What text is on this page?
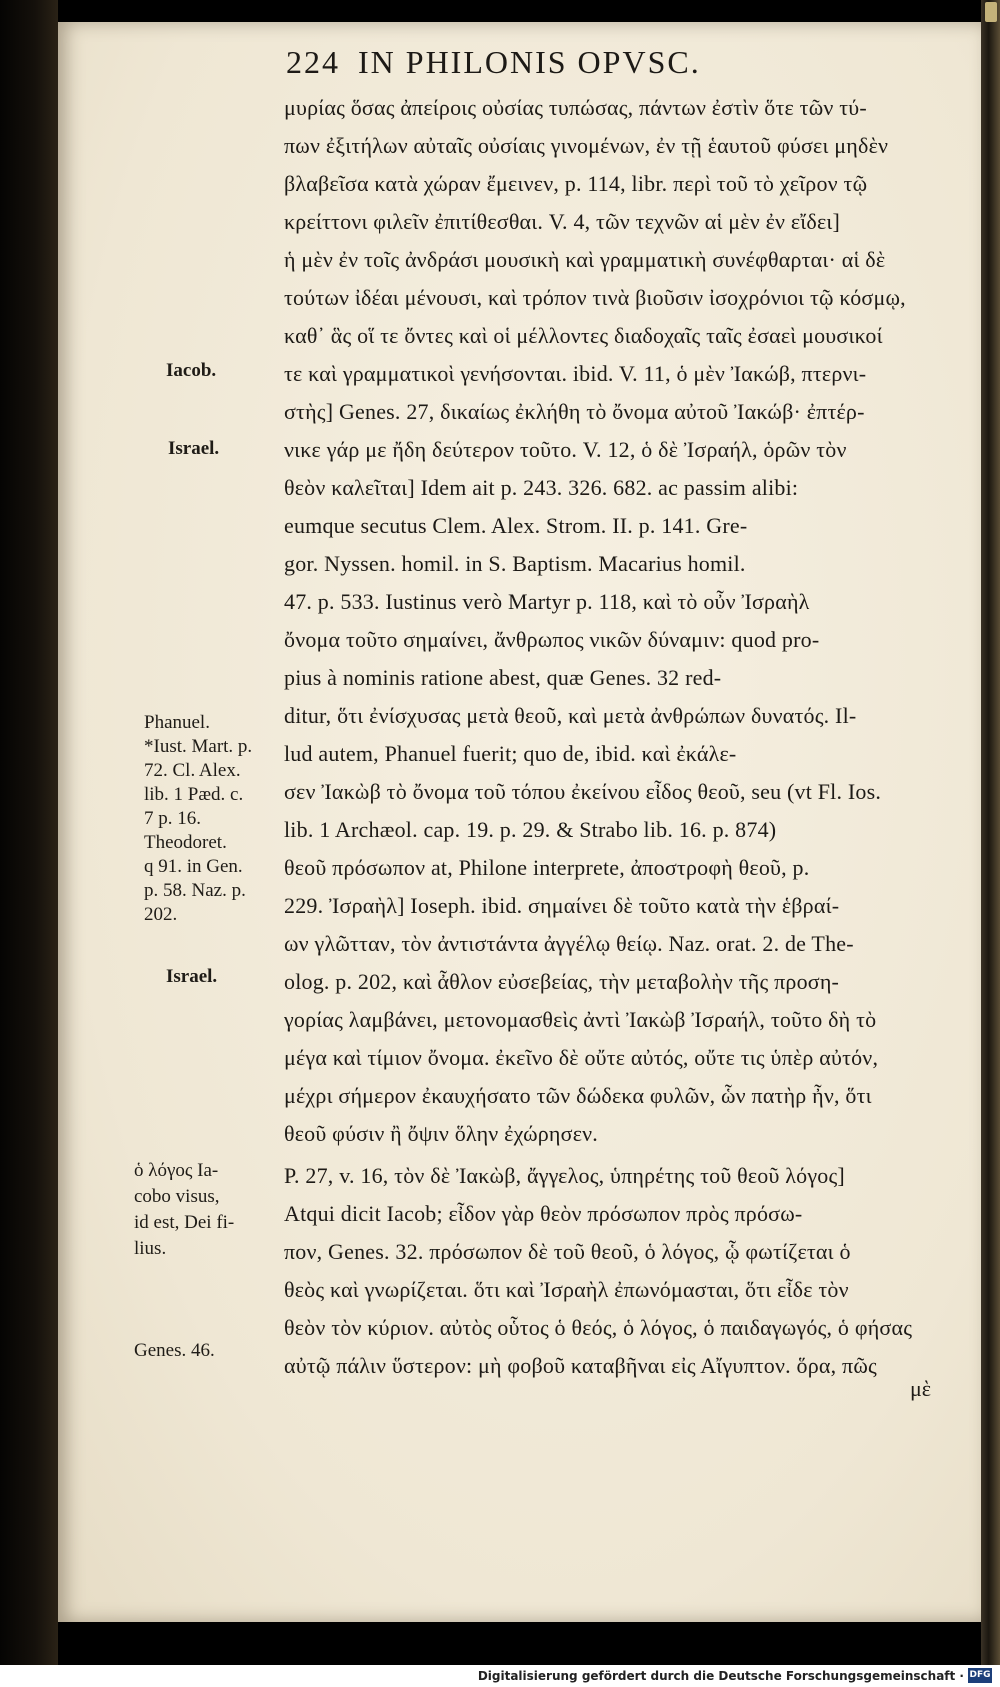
224 IN PHILONIS OPVSC.
μυρίας ὅσας ἀπείροις οὐσίας τυπώσας, πάντων ἐστὶν ὅτε τῶν τύ-
πων ἐξιτήλων αὐταῖς οὐσίαις γινομένων, ἐν τῇ ἑαυτοῦ φύσει μηδὲν
βλαβεῖσα κατὰ χώραν ἔμεινεν, p. 114, libr. περὶ τοῦ τὸ χεῖρον τῷ
κρείττονι φιλεῖν ἐπιτίθεσθαι. V. 4, τῶν τεχνῶν αἱ μὲν ἐν εἴδει]
ἡ μὲν ἐν τοῖς ἀνδράσι μουσικὴ καὶ γραμματικὴ συνέφθαρται· αἱ δὲ
τούτων ἰδέαι μένουσι, καὶ τρόπον τινὰ βιοῦσιν ἰσοχρόνιοι τῷ κόσμῳ,
καθ᾽ ἃς οἵ τε ὄντες καὶ οἱ μέλλοντες διαδοχαῖς ταῖς ἐσαεὶ μουσικοί
τε καὶ γραμματικοὶ γενήσονται. ibid. V. 11, ὁ μὲν Ἰακώβ, πτερνι-
στὴς] Genes. 27, δικαίως ἐκλήθη τὸ ὄνομα αὐτοῦ Ἰακώβ· ἐπτέρ-
νικε γάρ με ἤδη δεύτερον τοῦτο. V. 12, ὁ δὲ Ἰσραήλ, ὁρῶν τὸν
θεὸν καλεῖται] Idem ait p. 243. 326. 682. ac passim alibi:
eumque secutus Clem. Alex. Strom. II. p. 141. Gre-
gor. Nyssen. homil. in S. Baptism. Macarius homil.
47. p. 533. Iustinus verò Martyr p. 118, καὶ τὸ οὖν Ἰσραὴλ
ὄνομα τοῦτο σημαίνει, ἄνθρωπος νικῶν δύναμιν: quod pro-
pius à nominis ratione abest, quæ Genes. 32 red-
ditur, ὅτι ἐνίσχυσας μετὰ θεοῦ, καὶ μετὰ ἀνθρώπων δυνατός. Il-
lud autem, Phanuel fuerit; quo de, ibid. καὶ ἐκάλε-
σεν Ἰακὼβ τὸ ὄνομα τοῦ τόπου ἐκείνου εἶδος θεοῦ, seu (vt Fl. Ios.
lib. 1 Archæol. cap. 19. p. 29. & Strabo lib. 16. p. 874)
θεοῦ πρόσωπον at, Philone interprete, ἀποστροφὴ θεοῦ, p.
229. Ἰσραὴλ] Ioseph. ibid. σημαίνει δὲ τοῦτο κατὰ τὴν ἑβραί-
ων γλῶτταν, τὸν ἀντιστάντα ἀγγέλῳ θείῳ. Naz. orat. 2. de The-
olog. p. 202, καὶ ἆθλον εὐσεβείας, τὴν μεταβολὴν τῆς προση-
γορίας λαμβάνει, μετονομασθεὶς ἀντὶ Ἰακὼβ Ἰσραήλ, τοῦτο δὴ τὸ
μέγα καὶ τίμιον ὄνομα. ἐκεῖνο δὲ οὔτε αὐτός, οὔτε τις ὑπὲρ αὐτόν,
μέχρι σήμερον ἐκαυχήσατο τῶν δώδεκα φυλῶν, ὧν πατὴρ ἦν, ὅτι
θεοῦ φύσιν ἢ ὄψιν ὅλην ἐχώρησεν.
P. 27, v. 16, τὸν δὲ Ἰακὼβ, ἄγγελος, ὑπηρέτης τοῦ θεοῦ λόγος]
Atqui dicit Iacob; εἶδον γὰρ θεὸν πρόσωπον πρὸς πρόσω-
πον, Genes. 32. πρόσωπον δὲ τοῦ θεοῦ, ὁ λόγος, ᾧ φωτίζεται ὁ
θεὸς καὶ γνωρίζεται. ὅτι καὶ Ἰσραὴλ ἐπωνόμασται, ὅτι εἶδε τὸν
θεὸν τὸν κύριον. αὐτὸς οὗτος ὁ θεός, ὁ λόγος, ὁ παιδαγωγός, ὁ φήσας
αὐτῷ πάλιν ὕστερον: μὴ φοβοῦ καταβῆναι εἰς Αἴγυπτον. ὅρα, πῶς
μὲ
Iacob.
Israel.
Phanuel.
*Iust. Mart. p.
72. Cl. Alex.
lib. 1 Pæd. c.
7 p. 16.
Theodoret.
q 91. in Gen.
p. 58. Naz. p.
202.
Israel.
ὁ λόγος Ia-
cobo visus,
id est, Dei fi-
lius.
Genes. 46.
Digitalisierung gefördert durch die Deutsche Forschungsgemeinschaft · DFG
